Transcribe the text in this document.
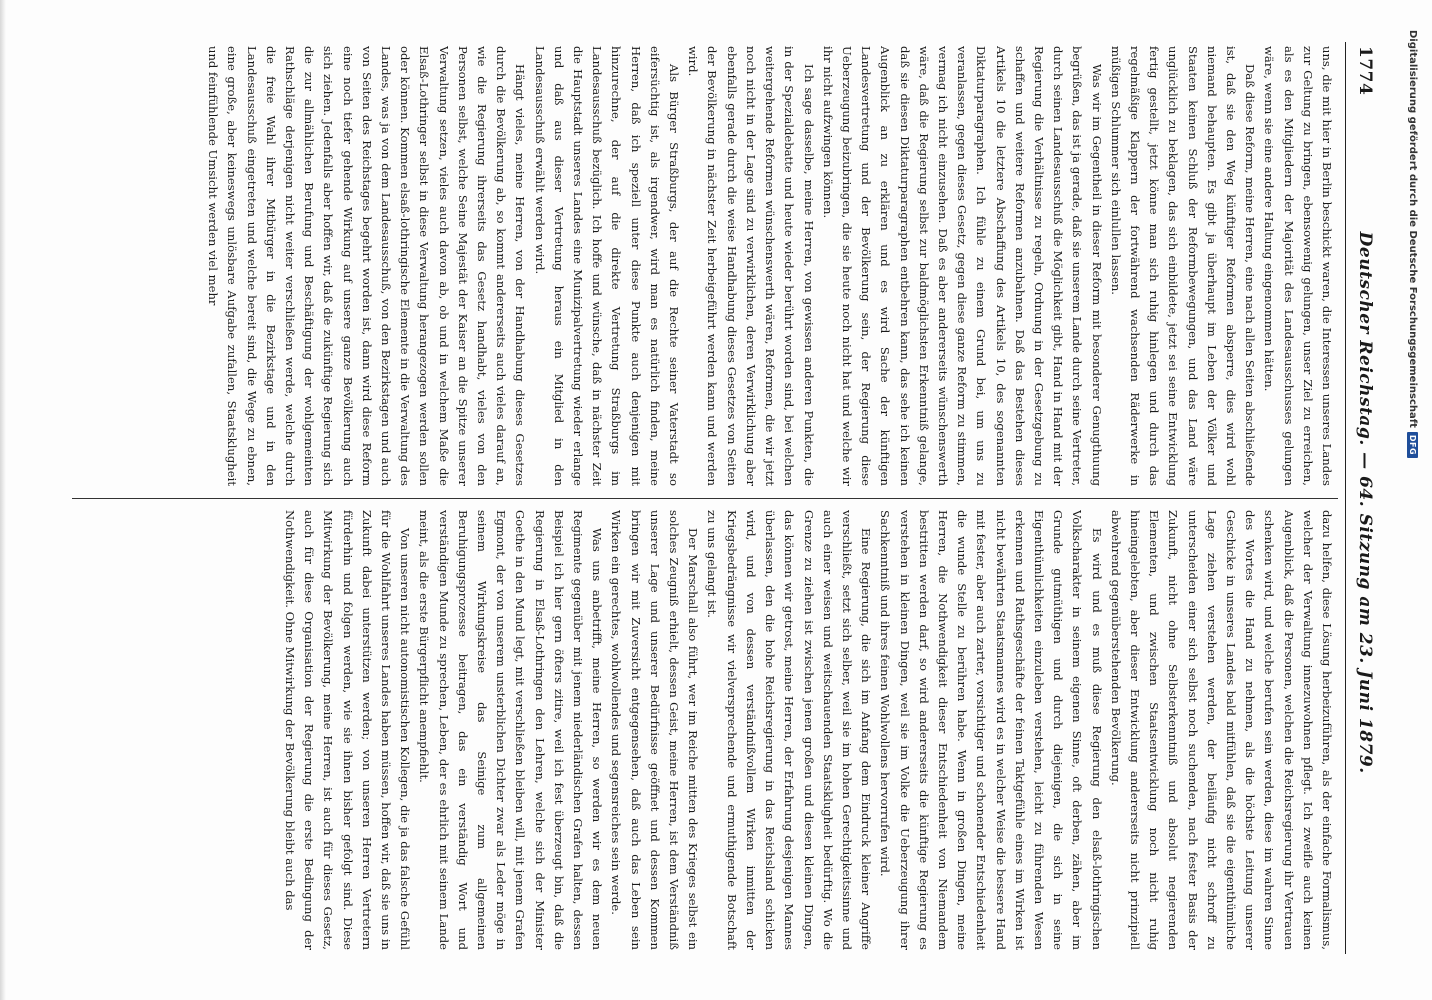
1774
Deutscher Reichstag. — 64. Sitzung am 23. Juni 1879.

uns, die mit hier in Berlin beschickt waren, die Interessen unseres Landes zur Geltung zu bringen, ebensowenig gelungen, unser Ziel zu erreichen, als es den Mitgliedern der Majorität des Landesausschusses gelungen wäre, wenn sie eine andere Haltung eingenommen hätten.

Daß diese Reform, meine Herren, eine nach allen Seiten abschließende ist, daß sie den Weg künftiger Reformen absperre, dies wird wohl niemand behaupten. Es gibt ja überhaupt im Leben der Völker und Staaten keinen Schluß der Reformbewegungen, und das Land wäre unglücklich zu beklagen, das sich einbildete, jetzt sei seine Entwicklung fertig gestellt, jetzt könne man sich ruhig hinlegen und durch das regelmäßige Klappern der fortwährend wachsenden Räderwerke in müßigen Schlummer sich einlullen lassen.

Was wir im Gegentheil in dieser Reform mit besonderer Genugthuung begrüßen, das ist ja gerade, daß sie unserem Lande durch seine Vertreter, durch seinen Landesausschuß die Möglichkeit gibt, Hand in Hand mit der Regierung die Verhältnisse zu regeln, Ordnung in der Gesetzgebung zu schaffen und weitere Reformen anzubahnen. Daß das Bestehen dieses Artikels 10 die letztere Abschaffung des Artikels 10, des sogenannten Diktaturparagraphen. Ich fühle zu einem Grund bei, um uns zu veranlassen, gegen dieses Gesetz, gegen diese ganze Reform zu stimmen, vermag ich nicht einzusehen. Daß es aber andererseits wünschenswerth wäre, daß die Regierung selbst zur baldmöglichsten Erkenntniß gelange, daß sie diesen Diktaturparagraphen entbehren kann, das sehe ich keinen Augenblick an zu erklären und es wird Sache der künftigen Landesvertretung und der Bevölkerung sein, der Regierung diese Ueberzeugung beizubringen, die sie heute noch nicht hat und welche wir ihr nicht aufzwingen können.

Ich sage dasselbe, meine Herren, von gewissen anderen Punkten, die in der Spezialdebatte und heute wieder berührt worden sind, bei welchen weitergehende Reformen wünschenswerth wären, Reformen, die wir jetzt noch nicht in der Lage sind zu verwirklichen, deren Verwirklichung aber ebenfalls gerade durch die weise Handhabung dieses Gesetzes von Seiten der Bevölkerung in nächster Zeit herbeigeführt werden kann und werden wird.

Als Bürger Straßburgs, der auf die Rechte seiner Vaterstadt so eifersüchtig ist, als irgendwer, wird man es natürlich finden, meine Herren, daß ich speziell unter diese Punkte auch denjenigen mit hinzurechne, der auf die direkte Vertretung Straßburgs im Landesausschuß bezüglich. Ich hoffe und wünsche, daß in nächster Zeit die Hauptstadt unseres Landes eine Munizipalvertretung wieder erlange und daß aus dieser Vertretung heraus ein Mitglied in den Landesausschuß erwählt werden wird.

Hängt vieles, meine Herren, von der Handhabung dieses Gesetzes durch die Bevölkerung ab, so kommt andererseits auch vieles darauf an, wie die Regierung ihrerseits das Gesetz handhabt, vieles von den Personen selbst, welche Seine Majestät der Kaiser an die Spitze unserer Verwaltung setzen, vieles auch davon ab, ob und in welchem Maße die Elsaß-Lothringer selbst in diese Verwaltung herangezogen werden sollen oder können. Kommen elsaß-lothringische Elemente in die Verwaltung des Landes, was ja von dem Landesausschuß, von den Bezirkstagen und auch von Seiten des Reichstages begehrt worden ist, dann wird diese Reform eine noch tiefer gehende Wirkung auf unsere ganze Bevölkerung auch sich ziehen. Jedenfalls aber hoffen wir, daß die zukünftige Regierung sich die zur allmählichen Berufung und Beschäftigung der wohlgemeinten Rathschläge derjenigen nicht weiter verschließen werde, welche durch die freie Wahl ihrer Mitbürger in die Bezirkstage und in den Landesausschuß eingetreten und welche bereit sind, die Wege zu ebnen, eine große, aber keineswegs unlösbare Aufgabe zufallen, Staatsklugheit und feinfühlende Umsicht werden viel mehr

dazu helfen, diese Lösung herbeizuführen, als der einfache Formalismus, welcher der Verwaltung innezuwohnen pflegt. Ich zweifle auch keinen Augenblick, daß die Personen, welchen die Reichsregierung ihr Vertrauen schenken wird, und welche berufen sein werden, diese im wahren Sinne des Wortes die Hand zu nehmen, als die höchste Leitung unserer Geschicke in unseres Landes bald mitfühlen, daß sie die eigenthümliche Lage ziehen verstehen werden, der beiläufig nicht schroff zu unterscheiden einer sich selbst noch suchenden, nach fester Basis der Zukunft, nicht ohne Selbsterkenntniß und absolut negierenden Elementen, und zwischen Staatsentwicklung noch nicht ruhig hineingelebten, aber dieser Entwicklung andererseits nicht prinzipiell abwehrend gegenüberstehenden Bevölkerung.

Es wird und es muß diese Regierung den elsaß-lothringischen Volkscharakter in seinem eigenen Sinne, oft derben, zähen, aber im Grunde gutmüthigen und durch diejenigen, die sich in seine Eigenthümlichkeiten einzuleben verstehen, leicht zu führenden Wesen erkennen und Rathsgeschäfte der feinen Taktgefühle eines im Wirken ist nicht bewährten Staatsmannes wird es in welcher Weise die bessere Hand mit fester, aber auch zarter, vorsichtiger und schonender Entschiedenheit die wunde Stelle zu berühren habe. Wenn in großen Dingen, meine Herren, die Nothwendigkeit dieser Entschiedenheit von Niemandem bestritten werden darf, so wird andererseits die künftige Regierung es verstehen in kleinen Dingen, weil sie im Volke die Ueberzeugung ihrer Sachkenntniß und ihres feinen Wohlwollens hervorrufen wird.

Eine Regierung, die sich im Anfang dem Eindruck kleiner Angriffe verschließt, setzt sich selber, weil sie im hohen Gerechtigkeitssinne und auch einer weisen und weitschauenden Staatsklugheit bedürftig. Wo die Grenze zu ziehen ist zwischen jenen großen und diesen kleinen Dingen, das können wir getrost, meine Herren, der Erfahrung desjenigen Mannes überlassen, den die hohe Reichsregierung in das Reichsland schicken wird, und von dessen verständnißvollem Wirken inmitten der Kriegsbedrängnisse wir vielversprechende und ermuthigende Botschaft zu uns gelangt ist.

Der Marschall also führt, wer im Reiche mitten des Krieges selbst ein solches Zeugniß erhielt, dessen Geist, meine Herren, ist dem Verständniß unserer Lage und unserer Bedürfnisse geöffnet und dessen Kommen bringen wir mit Zuversicht entgegensehen, daß auch das Leben sein Wirken ein gerechtes, wohlwollendes und segensreiches sein werde.

Was uns anbetrifft, meine Herren, so werden wir es dem neuen Regimente gegenüber mit jenem niederländischen Grafen halten, dessen Beispiel ich hier gern öfters zitire, weil ich fest überzeugt bin, daß die Regierung in Elsaß-Lothringen den Lehren, welche sich der Minister Goethe in den Mund legt, mit verschließen bleiben will, mit jenem Grafen Egmont, der von unserem unsterblichen Dichter zwar als Leder möge in seinem Wirkungskreise das Seinige zum allgemeinen Beruhigungsprozesse beitragen, das ein verständig Wort und verständigen Munde zu sprechen, Leben, der es ehrlich mit seinem Lande meint, als die erste Bürgerpflicht anempfiehlt.

Von unseren nicht autonomistischen Kollegen, die ja das falsche Gefühl für die Wohlfahrt unseres Landes haben müssen, hoffen wir, daß sie uns in Zukunft dabei unterstützen werden; von unseren Herren Vertretern fürderhin und folgen werden, wie sie ihnen bisher gefolgt sind. Diese Mitwirkung der Bevölkerung, meine Herren, ist auch für dieses Gesetz, auch für diese Organisation der Regierung die erste Bedingung der Nothwendigkeit. Ohne Mitwirkung der Bevölkerung bleibt auch das

Digitalisierung gefördert durch die Deutsche Forschungsgemeinschaft
DFG
